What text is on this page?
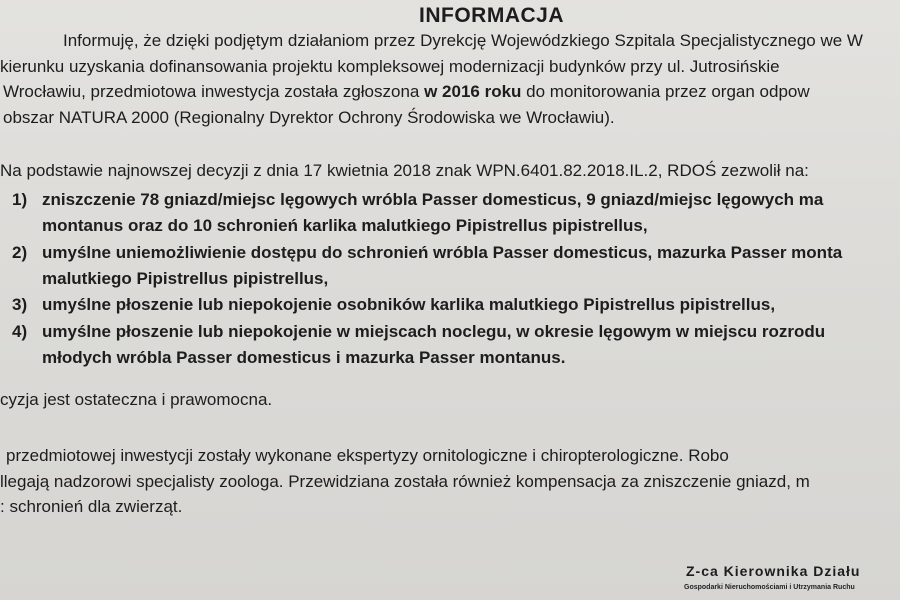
INFORMACJA
Informuję, że dzięki podjętym działaniom przez Dyrekcję Wojewódzkiego Szpitala Specjalistycznego we W
kierunku uzyskania dofinansowania projektu kompleksowej modernizacji budynków przy ul. Jutrosińskie
Wrocławiu, przedmiotowa inwestycja została zgłoszona w 2016 roku do monitorowania przez organ odpow
obszar NATURA 2000 (Regionalny Dyrektor Ochrony Środowiska we Wrocławiu).
Na podstawie najnowszej decyzji z dnia 17 kwietnia 2018 znak WPN.6401.82.2018.IL.2, RDOŚ zezwolił na:
1) zniszczenie 78 gniazd/miejsc lęgowych wróbla Passer domesticus, 9 gniazd/miejsc lęgowych ma
montanus oraz do 10 schronień karlika malutkiego Pipistrellus pipistrellus,
2) umyślne uniemożliwienie dostępu do schronień wróbla Passer domesticus, mazurka Passer monta
malutkiego Pipistrellus pipistrellus,
3) umyślne płoszenie lub niepokojenie osobników karlika malutkiego Pipistrellus pipistrellus,
4) umyślne płoszenie lub niepokojenie w miejscach noclegu, w okresie lęgowym w miejscu rozrodu
młodych wróbla Passer domesticus i mazurka Passer montanus.
cyzja jest ostateczna i prawomocna.
przedmiotowej inwestycji zostały wykonane ekspertyzy ornitologiczne i chiropterologiczne. Robo
llegają nadzorowi specjalisty zoologa. Przewidziana została również kompensacja za zniszczenie gniazd, m
: schronień dla zwierząt.
Z-ca Kierownika Działu
Gospodarki Nieruchomościami i Utrzymania Ruchu
